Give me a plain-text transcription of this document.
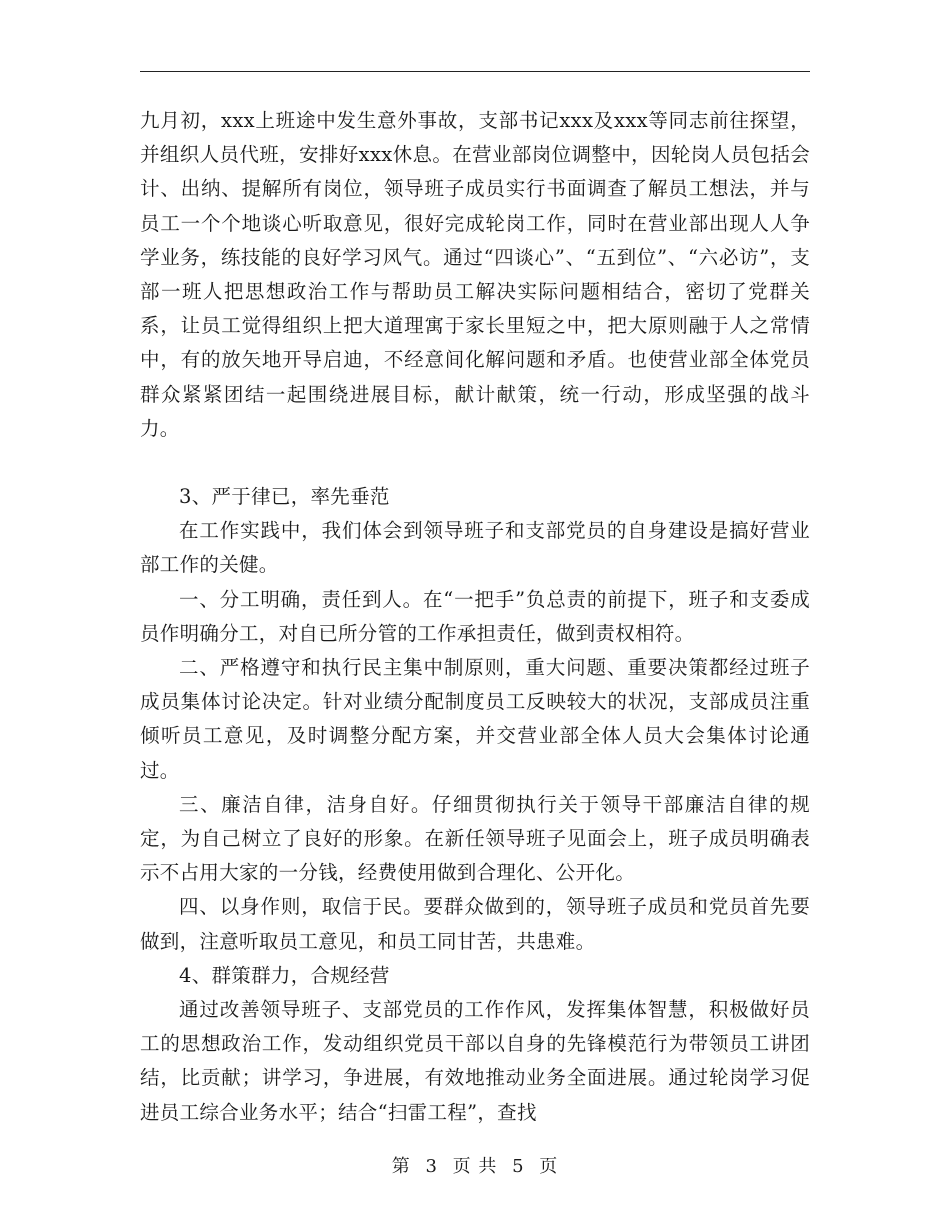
九月初，xxx上班途中发生意外事故，支部书记xxx及xxx等同志前往探望，并组织人员代班，安排好xxx休息。在营业部岗位调整中，因轮岗人员包括会计、出纳、提解所有岗位，领导班子成员实行书面调查了解员工想法，并与员工一个个地谈心听取意见，很好完成轮岗工作，同时在营业部出现人人争学业务，练技能的良好学习风气。通过“四谈心”、“五到位”、“六必访”，支部一班人把思想政治工作与帮助员工解决实际问题相结合，密切了党群关系，让员工觉得组织上把大道理寓于家长里短之中，把大原则融于人之常情中，有的放矢地开导启迪，不经意间化解问题和矛盾。也使营业部全体党员群众紧紧团结一起围绕进展目标，献计献策，统一行动，形成坚强的战斗力。

3、严于律已，率先垂范

在工作实践中，我们体会到领导班子和支部党员的自身建设是搞好营业部工作的关健。

一、分工明确，责任到人。在“一把手”负总责的前提下，班子和支委成员作明确分工，对自已所分管的工作承担责任，做到责权相符。

二、严格遵守和执行民主集中制原则，重大问题、重要决策都经过班子成员集体讨论决定。针对业绩分配制度员工反映较大的状况，支部成员注重倾听员工意见，及时调整分配方案，并交营业部全体人员大会集体讨论通过。

三、廉洁自律，洁身自好。仔细贯彻执行关于领导干部廉洁自律的规定，为自己树立了良好的形象。在新任领导班子见面会上，班子成员明确表示不占用大家的一分钱，经费使用做到合理化、公开化。

四、以身作则，取信于民。要群众做到的，领导班子成员和党员首先要做到，注意听取员工意见，和员工同甘苦，共患难。

4、群策群力，合规经营

通过改善领导班子、支部党员的工作作风，发挥集体智慧，积极做好员工的思想政治工作，发动组织党员干部以自身的先锋模范行为带领员工讲团结，比贡献；讲学习，争进展，有效地推动业务全面进展。通过轮岗学习促进员工综合业务水平；结合“扫雷工程”，查找

第 3 页 共 5 页
